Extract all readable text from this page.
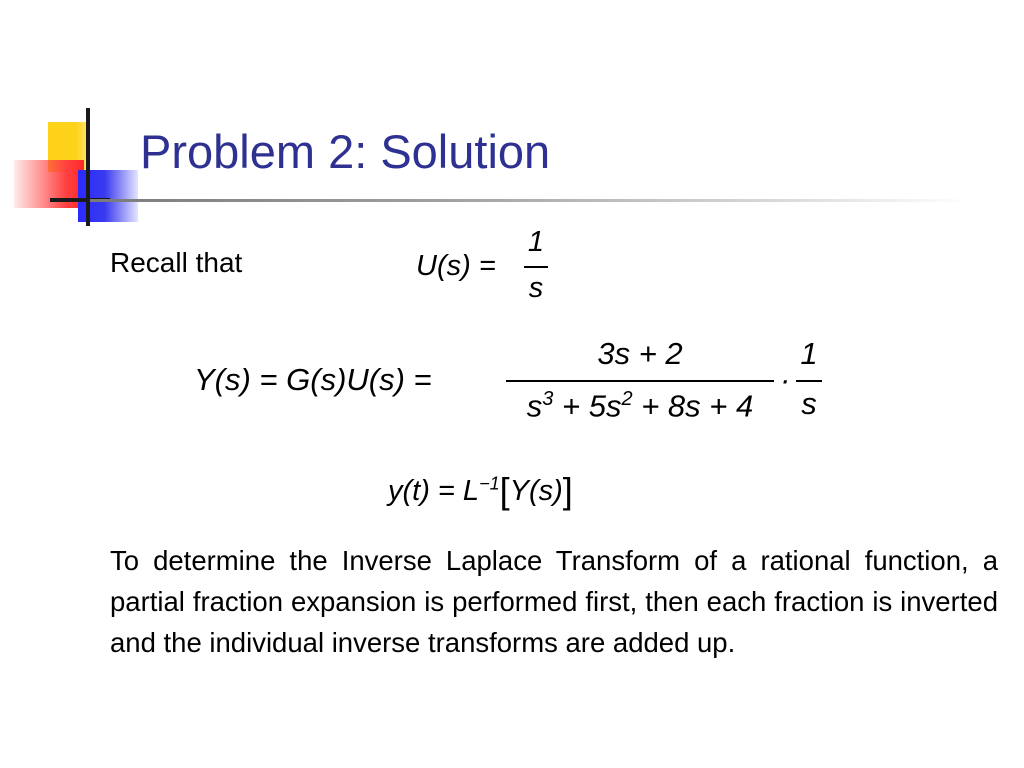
Problem 2: Solution
Recall that	U(s) =
1
s
Y(s) = G(s)U(s) =
3s + 2
$s^3 + 5s^2 + 8s + 4$
·
1
s
$y(t) = L^{-1}[Y(s)]$
To determine the Inverse Laplace Transform of a rational function, a partial fraction expansion is performed first, then each fraction is inverted and the individual inverse transforms are added up.
